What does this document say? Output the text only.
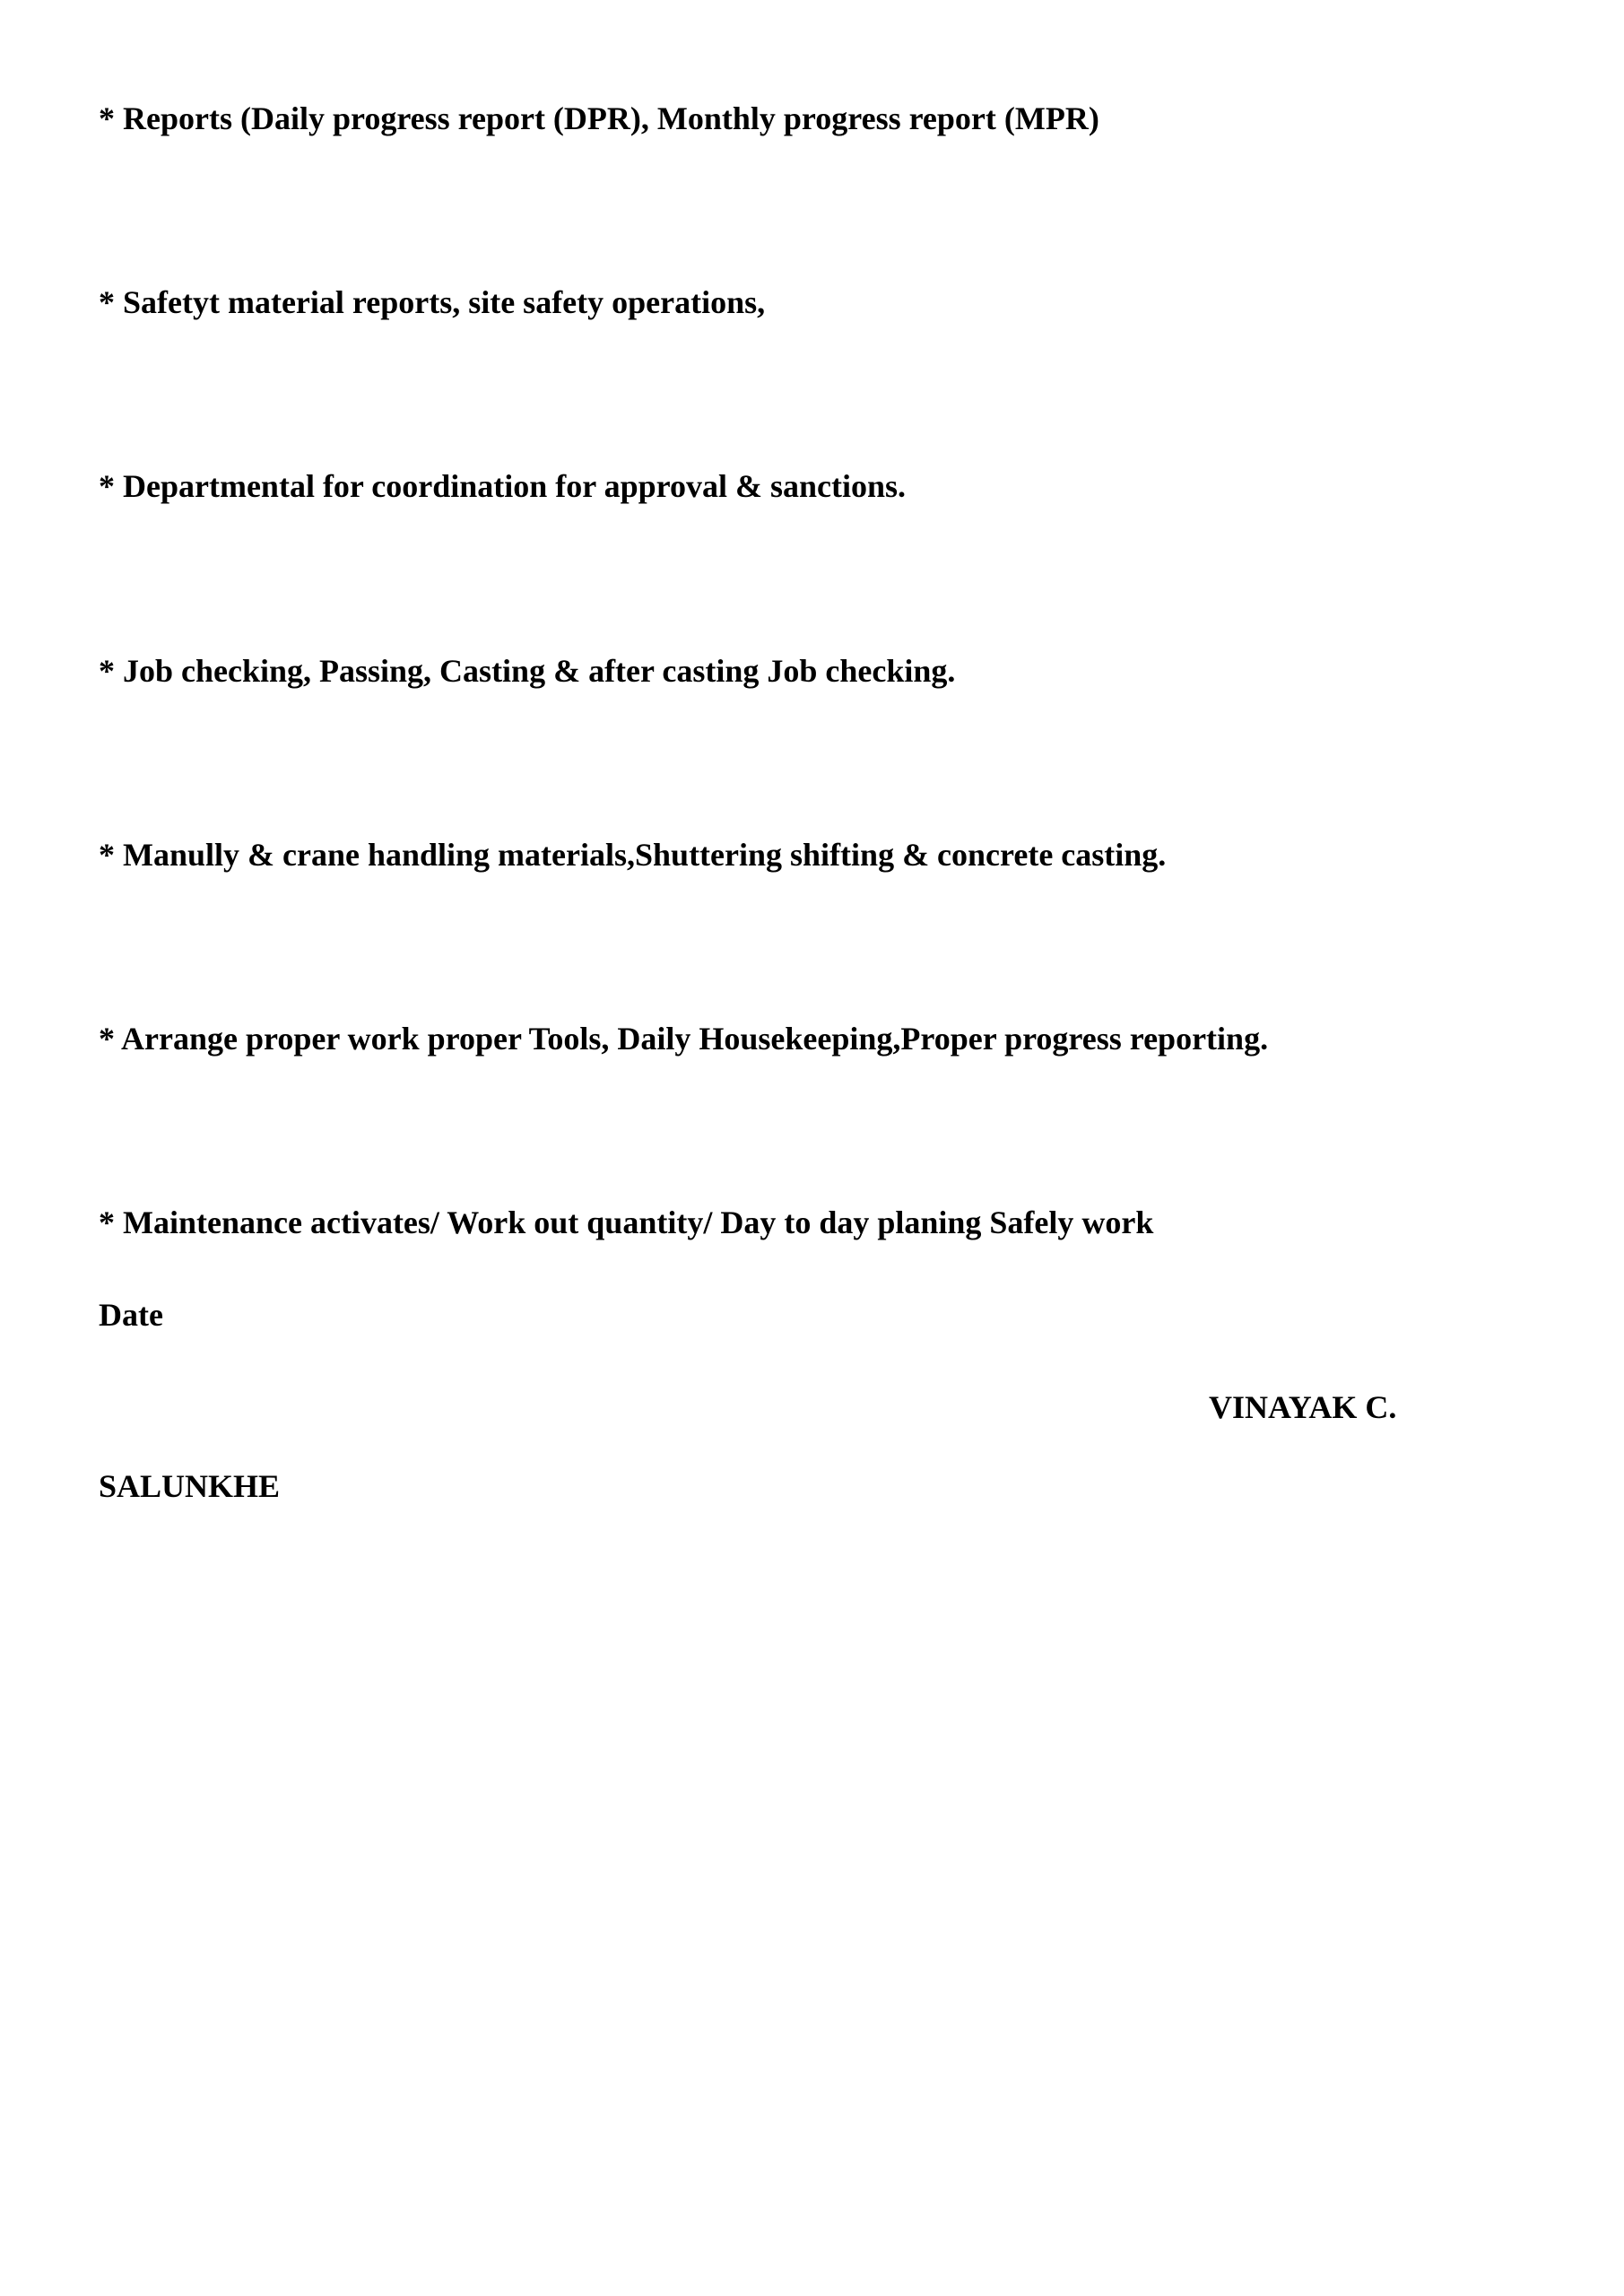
* Reports (Daily progress report (DPR), Monthly progress report (MPR)

* Safetyt material reports, site safety operations,

* Departmental for coordination for approval & sanctions.

* Job checking, Passing, Casting & after casting Job checking.

* Manully & crane handling materials,Shuttering shifting & concrete casting.

* Arrange proper work proper Tools, Daily Housekeeping,Proper progress reporting.

* Maintenance activates/ Work out quantity/ Day to day planing Safely work

Date

VINAYAK C.

SALUNKHE
